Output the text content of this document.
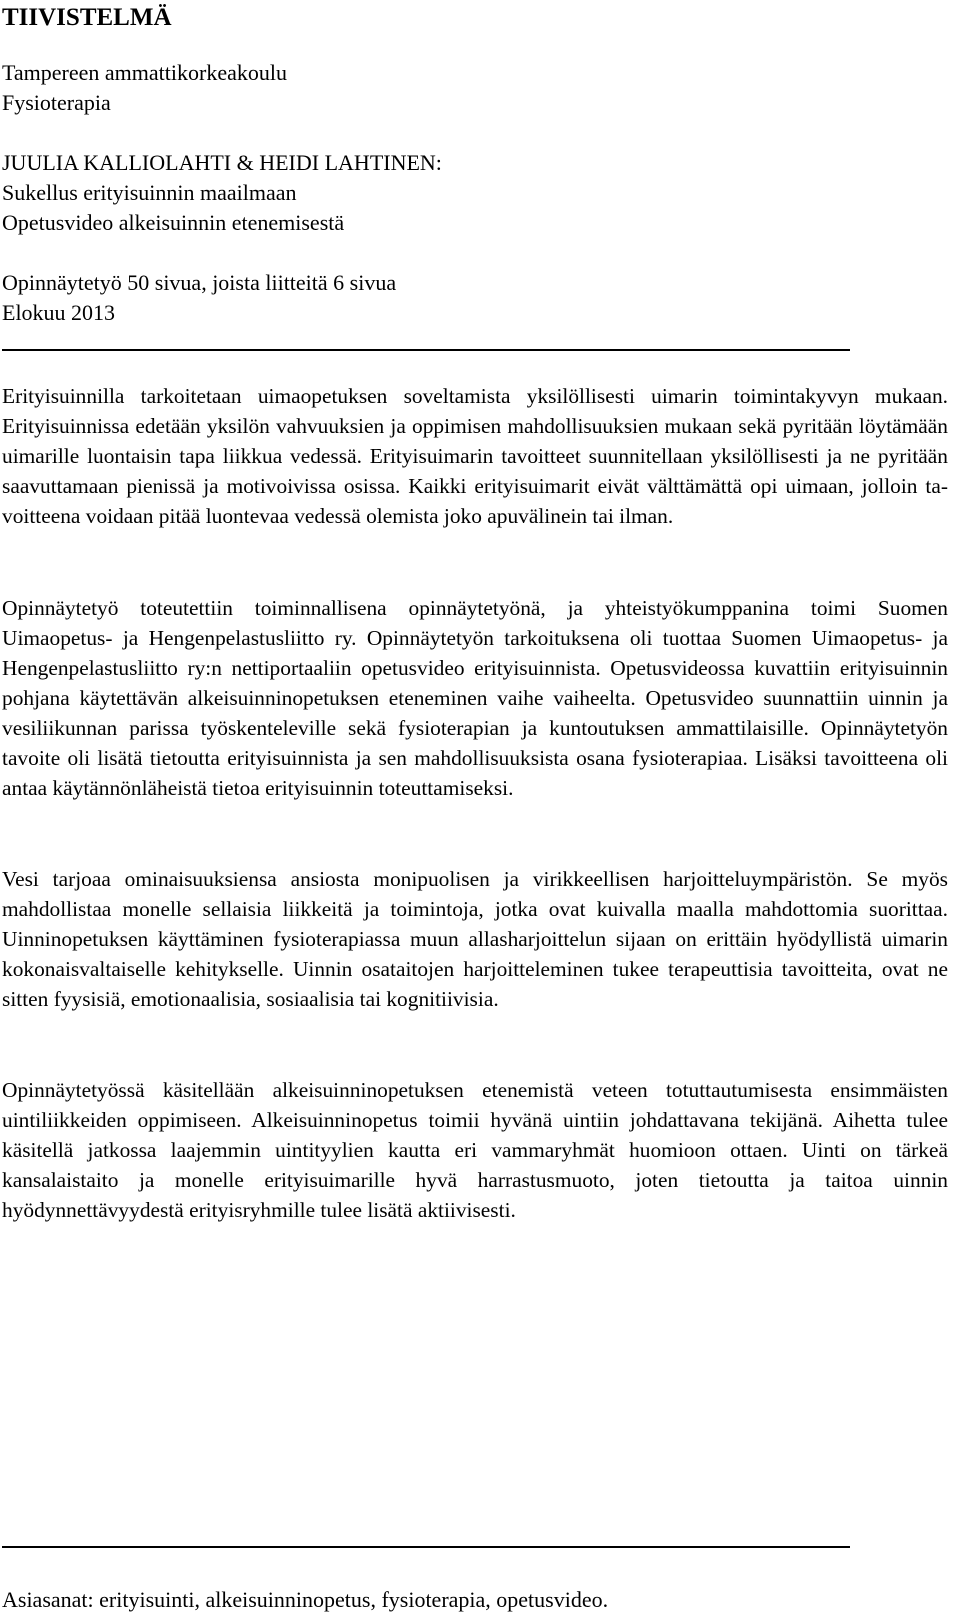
TIIVISTELMÄ
Tampereen ammattikorkeakoulu
Fysioterapia
JUULIA KALLIOLAHTI & HEIDI LAHTINEN:
Sukellus erityisuinnin maailmaan
Opetusvideo alkeisuinnin etenemisestä
Opinnäytetyö 50 sivua, joista liitteitä 6 sivua
Elokuu 2013

Erityisuinnilla tarkoitetaan uimaopetuksen soveltamista yksilöllisesti uimarin toimintakyvyn mukaan. Erityisuinnissa edetään yksilön vahvuuksien ja oppimisen mahdollisuuksien mukaan sekä pyritään löytämään uimarille luontaisin tapa liikkua vedessä. Erityisuimarin tavoitteet suunnitellaan yksilöllisesti ja ne pyritään saavuttamaan pienissä ja motivoivissa osissa. Kaikki erityisuimarit eivät välttämättä opi uimaan, jolloin tavoitteena voidaan pitää luontevaa vedessä olemista joko apuvälinein tai ilman.

Opinnäytetyö toteutettiin toiminnallisena opinnäytetyönä, ja yhteistyökumppanina toimi Suomen Uimaopetus- ja Hengenpelastusliitto ry. Opinnäytetyön tarkoituksena oli tuottaa Suomen Uimaopetus- ja Hengenpelastusliitto ry:n nettiportaaliin opetusvideo erityisuinnista. Opetusvideossa kuvattiin erityisuinnin pohjana käytettävän alkeisuinninopetuksen eteneminen vaihe vaiheelta. Opetusvideo suunnattiin uinnin ja vesiliikunnan parissa työskenteleville sekä fysioterapian ja kuntoutuksen ammattilaisille. Opinnäytetyön tavoite oli lisätä tietoutta erityisuinnista ja sen mahdollisuuksista osana fysioterapiaa. Lisäksi tavoitteena oli antaa käytännönläheistä tietoa erityisuinnin toteuttamiseksi.

Vesi tarjoaa ominaisuuksiensa ansiosta monipuolisen ja virikkeellisen harjoitteluympäristön. Se myös mahdollistaa monelle sellaisia liikkeitä ja toimintoja, jotka ovat kuivalla maalla mahdottomia suorittaa. Uinninopetuksen käyttäminen fysioterapiassa muun allasharjoittelun sijaan on erittäin hyödyllistä uimarin kokonaisvaltaiselle kehitykselle. Uinnin osataitojen harjoitteleminen tukee terapeuttisia tavoitteita, ovat ne sitten fyysisiä, emotionaalisia, sosiaalisia tai kognitiivisia.

Opinnäytetyössä käsitellään alkeisuinninopetuksen etenemistä veteen totuttautumisesta ensimmäisten uintiliikkeiden oppimiseen. Alkeisuinninopetus toimii hyvänä uintiin johdattavana tekijänä. Aihetta tulee käsitellä jatkossa laajemmin uintityylien kautta eri vammaryhmät huomioon ottaen. Uinti on tärkeä kansalaistaito ja monelle erityisuimarille hyvä harrastusmuoto, joten tietoutta ja taitoa uinnin hyödynnettävyydestä erityisryhmille tulee lisätä aktiivisesti.

Asiasanat: erityisuinti, alkeisuinninopetus, fysioterapia, opetusvideo.
